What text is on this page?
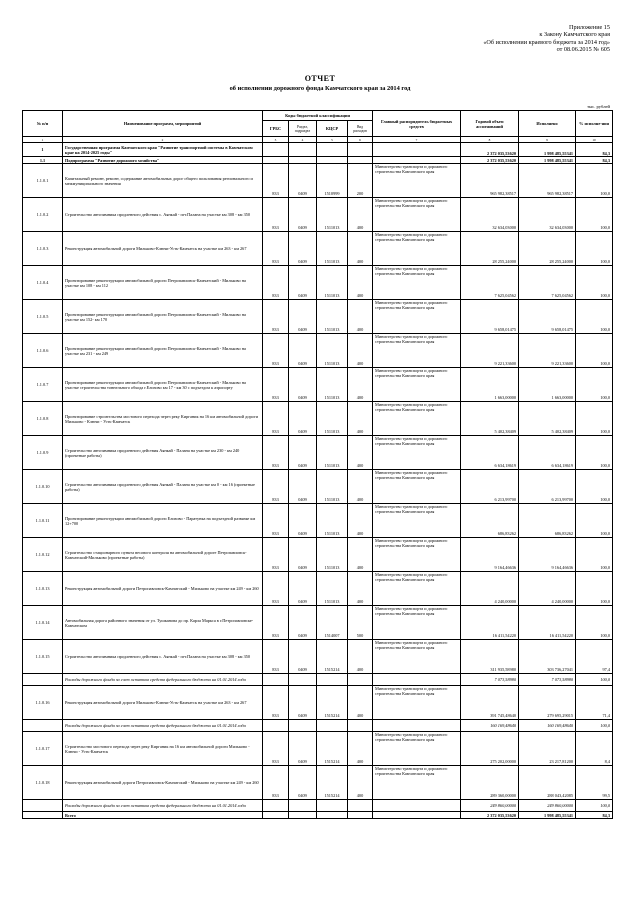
Приложение 15
к Закону Камчатского края
«Об исполнении краевого бюджета за 2014 год»
от 08.06.2015 № 605
ОТЧЕТ
об исполнении дорожного фонда Камчатского края за 2014 год
тыс. рублей
№ п/п	Наименование программ, мероприятий	Коды бюджетной классификации				Главный распорядитель бюджетных средств	Годовой объем ассигнований	Исполнено	% исполне-ния
		ГРБС	Раздел, подраздел	КЦСР	Вид расходов				
1	2	3	4	5	6	7	8	9	10
1	Государственная программа Камчатского края "Развитие транспортной системы в Камчатском крае на 2014-2025 годы"						2 372 035,53620	1 998 485,55341	84,3
1.1	Подпрограмма "Развитие дорожного хозяйства"						2 372 035,53620	1 998 485,55341	84,3
1.1.0.1	Капитальный ремонт, ремонт, содержание автомобильных дорог общего пользования регионального и межмуниципального значения	833	0409	1510999	200	Министерство транспорта и дорожного строительства Камчатского края	965 982,38517	965 982,38517	100,0
1.1.0.2	Строительство автозимника продленного действия с. Аянкай - пгт.Палана на участке км 308 - км 350	833	0409	1511013	400	Министерство транспорта и дорожного строительства Камчатского края	32 634,03000	32 634,03000	100,0
1.1.0.3	Реконструкция автомобильной дороги Мильково-Ключи-Усть-Камчатск на участке км 263 - км 267	833	0409	1511013	400	Министерство транспорта и дорожного строительства Камчатского края	28 255,24000	28 255,24000	100,0
1.1.0.4	Проектирование реконструкции автомобильной дороги Петропавловск-Камчатский - Мильково на участке км 108 - км 112	833	0409	1511013	400	Министерство транспорта и дорожного строительства Камчатского края	7 625,04562	7 625,04562	100,0
1.1.0.5	Проектирование реконструкции автомобильной дороги Петропавловск-Камчатский - Мильково на участке км 152- км 170	833	0409	1511013	400	Министерство транспорта и дорожного строительства Камчатского края	9 658,01475	9 658,01475	100,0
1.1.0.6	Проектирование реконструкции автомобильной дороги Петропавловск-Камчатский - Мильково на участке км 231 - км 249	833	0409	1511013	400	Министерство транспорта и дорожного строительства Камчатского края	9 221,33600	9 221,33600	100,0
1.1.0.7	Проектирование реконструкции автомобильной дороги Петропавловск-Камчатский - Мильково на участке строительства тоннельного обхода г.Елизово км 17 - км 30 с подъездом к аэропорту	833	0409	1511013	400	Министерство транспорта и дорожного строительства Камчатского края	1 663,00000	1 663,00000	100,0
1.1.0.8	Проектирование строительства мостового перехода через реку Кирганик на 16 км автомобильной дороги Мильково - Ключи - Усть-Камчатск	833	0409	1511013	400	Министерство транспорта и дорожного строительства Камчатского края	5 402,38409	5 402,38409	100,0
1.1.0.9	Строительство автозимника продленного действия Аянкай - Палана на участке км 230 - км 240 (проектные работы)	833	0409	1511013	400	Министерство транспорта и дорожного строительства Камчатского края	6 634,18619	6 634,18619	100,0
1.1.0.10	Строительство автозимника продленного действия Аянкай - Палана на участке км 0 - км 16 (проектные работы)	833	0409	1511013	400	Министерство транспорта и дорожного строительства Камчатского края	6 213,99700	6 213,99700	100,0
1.1.0.11	Проектирование реконструкции автомобильной дороги Елизово - Паратунка на подъездной развязке км 12+700	833	0409	1511013	400	Министерство транспорта и дорожного строительства Камчатского края	686,83262	686,83262	100,0
1.1.0.12	Строительство стационарного пункта весового контроля на автомобильной дороге Петропавловск-Камчатский-Мильково (проектные работы)	833	0409	1511013	400	Министерство транспорта и дорожного строительства Камчатского края	9 164,46636	9 164,46636	100,0
1.1.0.13	Реконструкция автомобильной дороги Петропавловск-Камчатский - Мильково на участке км 249 - км 260	833	0409	1511013	400	Министерство транспорта и дорожного строительства Камчатского края	4 240,00000	4 240,00000	100,0
1.1.0.14	Автомобильная дорога районного значения от ул. Тушканова до пр. Карла Маркса в г.Петропавловске-Камчатском	833	0409	1514007	500	Министерство транспорта и дорожного строительства Камчатского края	16 411,54220	16 411,54220	100,0
1.1.0.15	Строительство автозимника продленного действия с. Аянкай - пгт.Палана на участке км 308 - км 350	833	0409	1515214	400	Министерство транспорта и дорожного строительства Камчатского края	311 935,58980	303 736,27041	97,4
	Расходы дорожного фонда за счет остатков средств федерального бюджета на 01.01.2014 года						7 073,58980	7 073,58980	100,0
1.1.0.16	Реконструкция автомобильной дороги Мильково-Ключи-Усть-Камчатск на участке км 263 - км 267	833	0409	1515214	400	Министерство транспорта и дорожного строительства Камчатского края	391 745,48640	279 695,29015	71,4
	Расходы дорожного фонда за счет остатков средств федерального бюджета на 01.01.2014 года						160 169,48640	160 169,48640	100,0
1.1.0.17	Строительство мостового перехода через реку Кирганик на 16 км автомобильной дороги Мильково - Ключи - Усть-Камчатск	833	0409	1515214	400	Министерство транспорта и дорожного строительства Камчатского края	275 202,00000	23 217,81200	8,4
1.1.0.18	Реконструкция автомобильной дороги Петропавловск-Камчатский - Мильково на участке км 249 - км 260	833	0409	1515214	400	Министерство транспорта и дорожного строительства Камчатского края	289 360,00000	288 043,42085	99,5
	Расходы дорожного фонда за счет остатков средств федерального бюджета на 01.01.2014 года						249 860,00000	249 860,00000	100,0
	Всего						2 372 035,53620	1 998 485,55341	84,3
